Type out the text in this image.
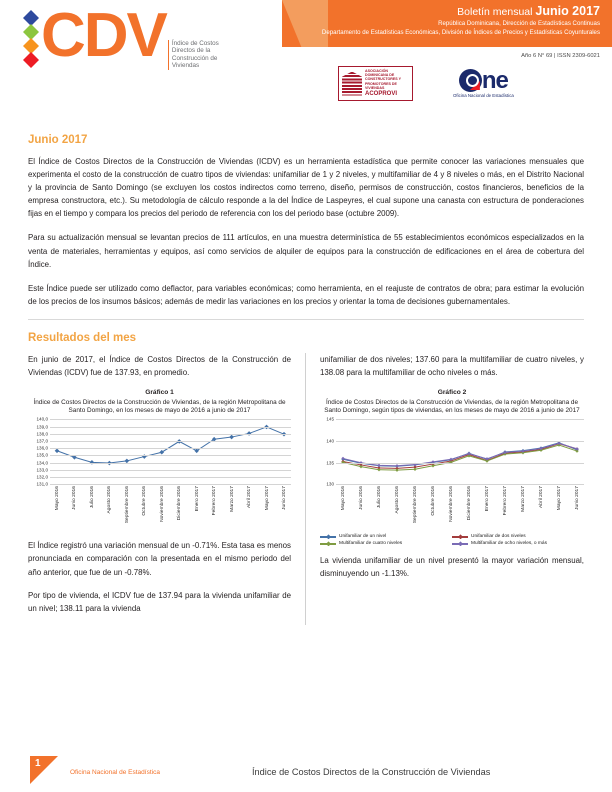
CDV Índice de Costos Directos de la Construcción de Viviendas
Boletín mensual Junio 2017
República Dominicana, Dirección de Estadísticas Continuas
Departamento de Estadísticas Económicas, División de Índices de Precios y Estadísticas Coyunturales
Año 6 N° 69 | ISSN 2309-6021
ASOCIACIÓN DOMINICANA DE CONSTRUCTORES Y PROMOTORES DE VIVIENDAS
ACOPROVI
ne
Oficina Nacional de Estadística
Junio 2017

El Índice de Costos Directos de la Construcción de Viviendas (ICDV) es un herramienta estadística que permite conocer las variaciones mensuales que experimenta el costo de la construcción de cuatro tipos de viviendas: unifamiliar de 1 y 2 niveles, y multifamiliar de 4 y 8 niveles o más, en el Distrito Nacional y la provincia de Santo Domingo (se excluyen los costos indirectos como terreno, diseño, permisos de construcción, costos financieros, beneficios de la empresa constructora, etc.). Su metodología de cálculo responde a la del Índice de Laspeyres, el cual supone una canasta con estructura de ponderaciones fijas en el tiempo y compara los precios del periodo de referencia con los del periodo base (octubre 2009).

Para su actualización mensual se levantan precios de 111 artículos, en una muestra determinística de 55 establecimientos económicos especializados en la venta de materiales, herramientas y equipos, así como servicios de alquiler de equipos para la construcción de edificaciones en el área de cobertura del Índice.

Este Índice puede ser utilizado como deflactor, para variables económicas; como herramienta, en el reajuste de contratos de obra; para estimar la evolución de los precios de los insumos básicos; además de medir las variaciones en los precios y orientar la toma de decisiones gubernamentales.

Resultados del mes

En junio de 2017, el Índice de Costos Directos de la Construcción de Viviendas (ICDV) fue de 137.93, en promedio.

Gráfico 1
Índice de Costos Directos de la Construcción de Viviendas, de la región Metropolitana de Santo Domingo, en los meses de mayo de 2016 a junio de 2017
140,0
139,0
138,0
137,0
136,0
135,0
134,0
133,0
132,0
131,0
Mayo 2016	Junio 2016	Julio 2016	Agosto 2016	Septiembre 2016	Octubre 2016	Noviembre 2016	Diciembre 2016	Enero 2017	Febrero 2017	Marzo 2017	Abril 2017	Mayo 2017	Junio 2017

El Índice registró una variación mensual de un -0.71%. Esta tasa es menos pronunciada en comparación con la presentada en el mismo periodo del año anterior, que fue de un -0.78%.

Por tipo de vivienda, el ICDV fue de 137.94 para la vivienda unifamiliar de un nivel; 138.11 para la vivienda

unifamiliar de dos niveles; 137.60 para la multifamiliar de cuatro niveles, y 138.08 para la multifamiliar de ocho niveles o más.

Gráfico 2
Índice de Costos Directos de la Construcción de Viviendas, de la región Metropolitana de Santo Domingo, según tipos de viviendas, en los meses de mayo de 2016 a junio de 2017
145
140
135
130
Mayo 2016	Junio 2016	Julio 2016	Agosto 2016	Septiembre 2016	Octubre 2016	Noviembre 2016	Diciembre 2016	Enero 2017	Febrero 2017	Marzo 2017	Abril 2017	Mayo 2017	Junio 2017
Unifamiliar de un nivel	Unifamiliar de dos niveles
Multifamiliar de cuatro niveles	Multifamiliar de ocho niveles, o más

La vivienda unifamiliar de un nivel presentó la mayor variación mensual, disminuyendo un -1.13%.

1
Oficina Nacional de Estadística	Índice de Costos Directos de la Construcción de Viviendas
